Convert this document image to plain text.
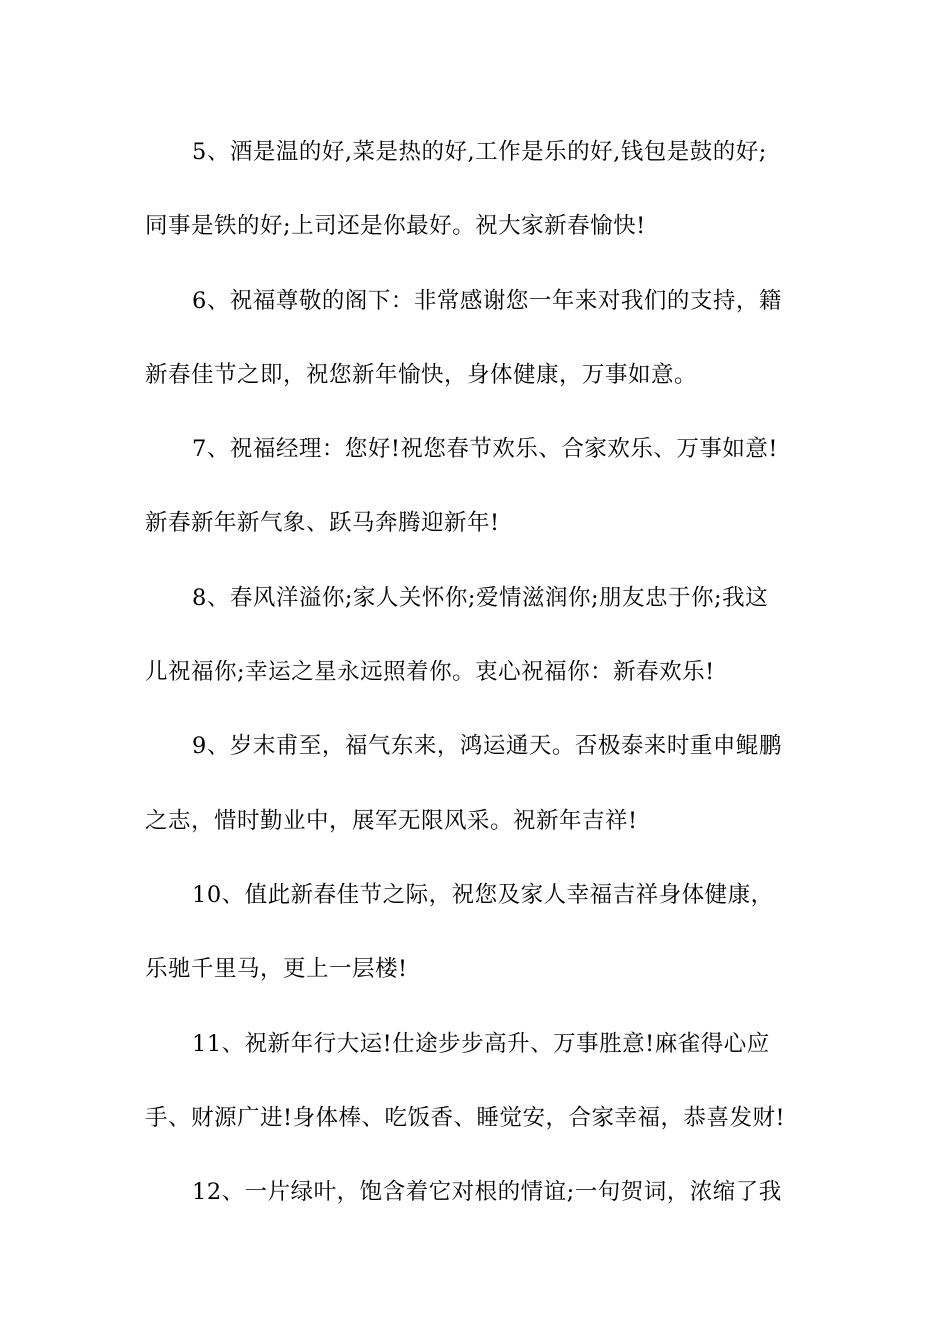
5、酒是温的好,菜是热的好,工作是乐的好,钱包是鼓的好;
同事是铁的好;上司还是你最好。祝大家新春愉快!
6、祝福尊敬的阁下：非常感谢您一年来对我们的支持，籍
新春佳节之即，祝您新年愉快，身体健康，万事如意。
7、祝福经理：您好!祝您春节欢乐、合家欢乐、万事如意!
新春新年新气象、跃马奔腾迎新年!
8、春风洋溢你;家人关怀你;爱情滋润你;朋友忠于你;我这
儿祝福你;幸运之星永远照着你。衷心祝福你：新春欢乐!
9、岁末甫至，福气东来，鸿运通天。否极泰来时重申鲲鹏
之志，惜时勤业中，展军无限风采。祝新年吉祥!
10、值此新春佳节之际，祝您及家人幸福吉祥身体健康，
乐驰千里马，更上一层楼!
11、祝新年行大运!仕途步步高升、万事胜意!麻雀得心应
手、财源广进!身体棒、吃饭香、睡觉安，合家幸福，恭喜发财!
12、一片绿叶，饱含着它对根的情谊;一句贺词，浓缩了我
